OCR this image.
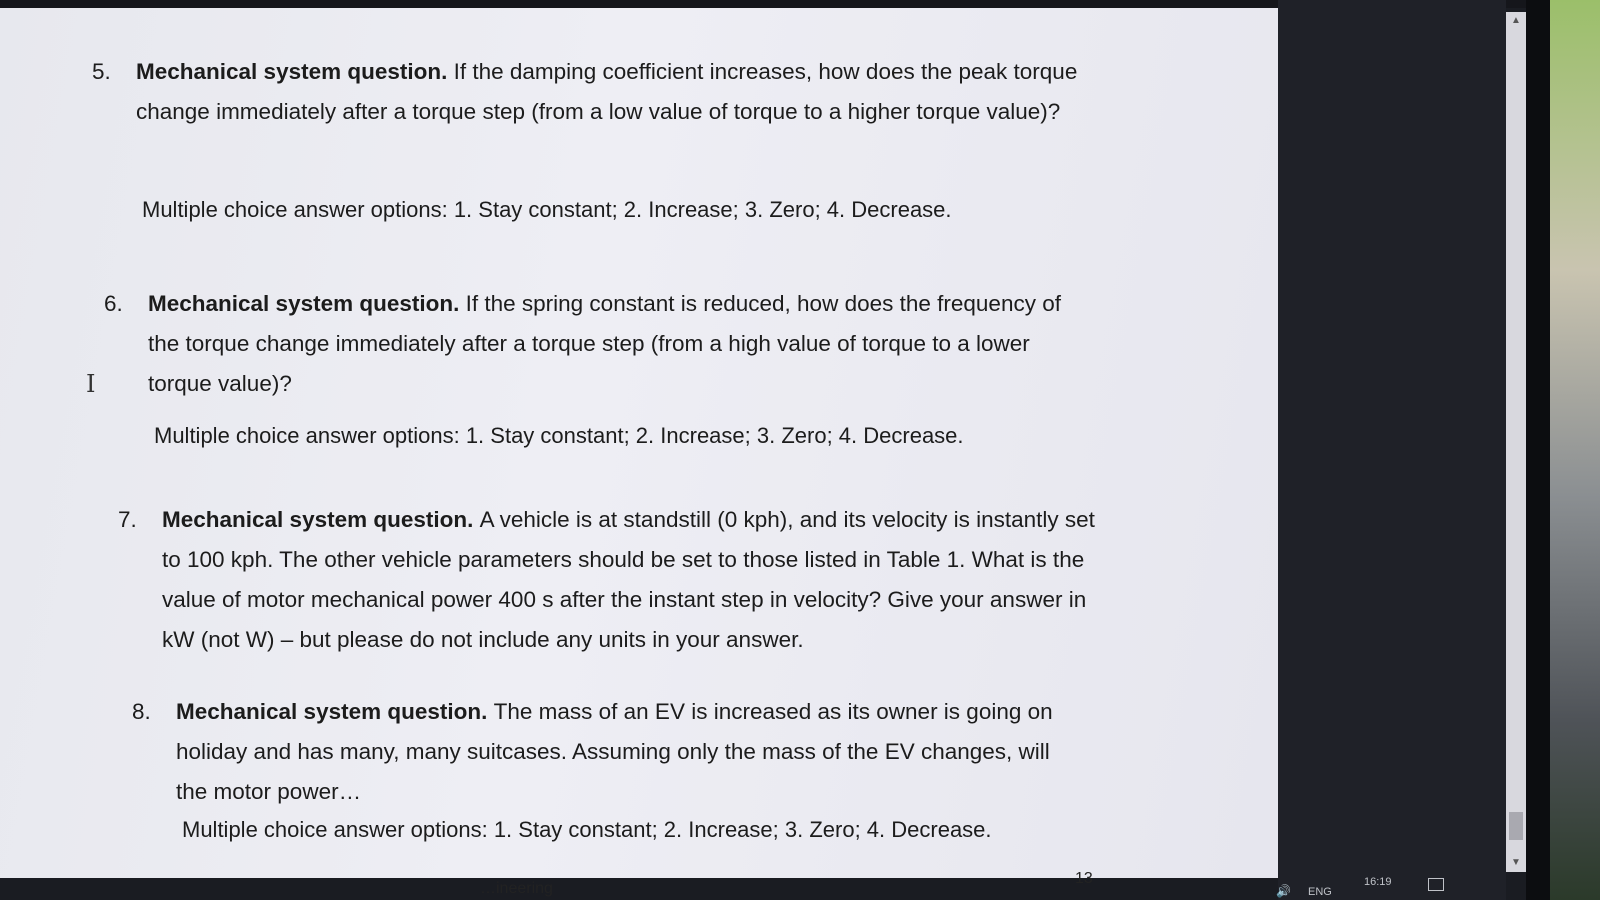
5. Mechanical system question. If the damping coefficient increases, how does the peak torque change immediately after a torque step (from a low value of torque to a higher torque value)?
Multiple choice answer options: 1. Stay constant; 2. Increase; 3. Zero; 4. Decrease.
6. Mechanical system question. If the spring constant is reduced, how does the frequency of the torque change immediately after a torque step (from a high value of torque to a lower torque value)?
Multiple choice answer options: 1. Stay constant; 2. Increase; 3. Zero; 4. Decrease.
I
7. Mechanical system question. A vehicle is at standstill (0 kph), and its velocity is instantly set to 100 kph. The other vehicle parameters should be set to those listed in Table 1. What is the value of motor mechanical power 400 s after the instant step in velocity? Give your answer in kW (not W) – but please do not include any units in your answer.
8. Mechanical system question. The mass of an EV is increased as its owner is going on holiday and has many, many suitcases. Assuming only the mass of the EV changes, will the motor power…
Multiple choice answer options: 1. Stay constant; 2. Increase; 3. Zero; 4. Decrease.
13
…ineering
▲
▼
🔊 ENG
16:19
